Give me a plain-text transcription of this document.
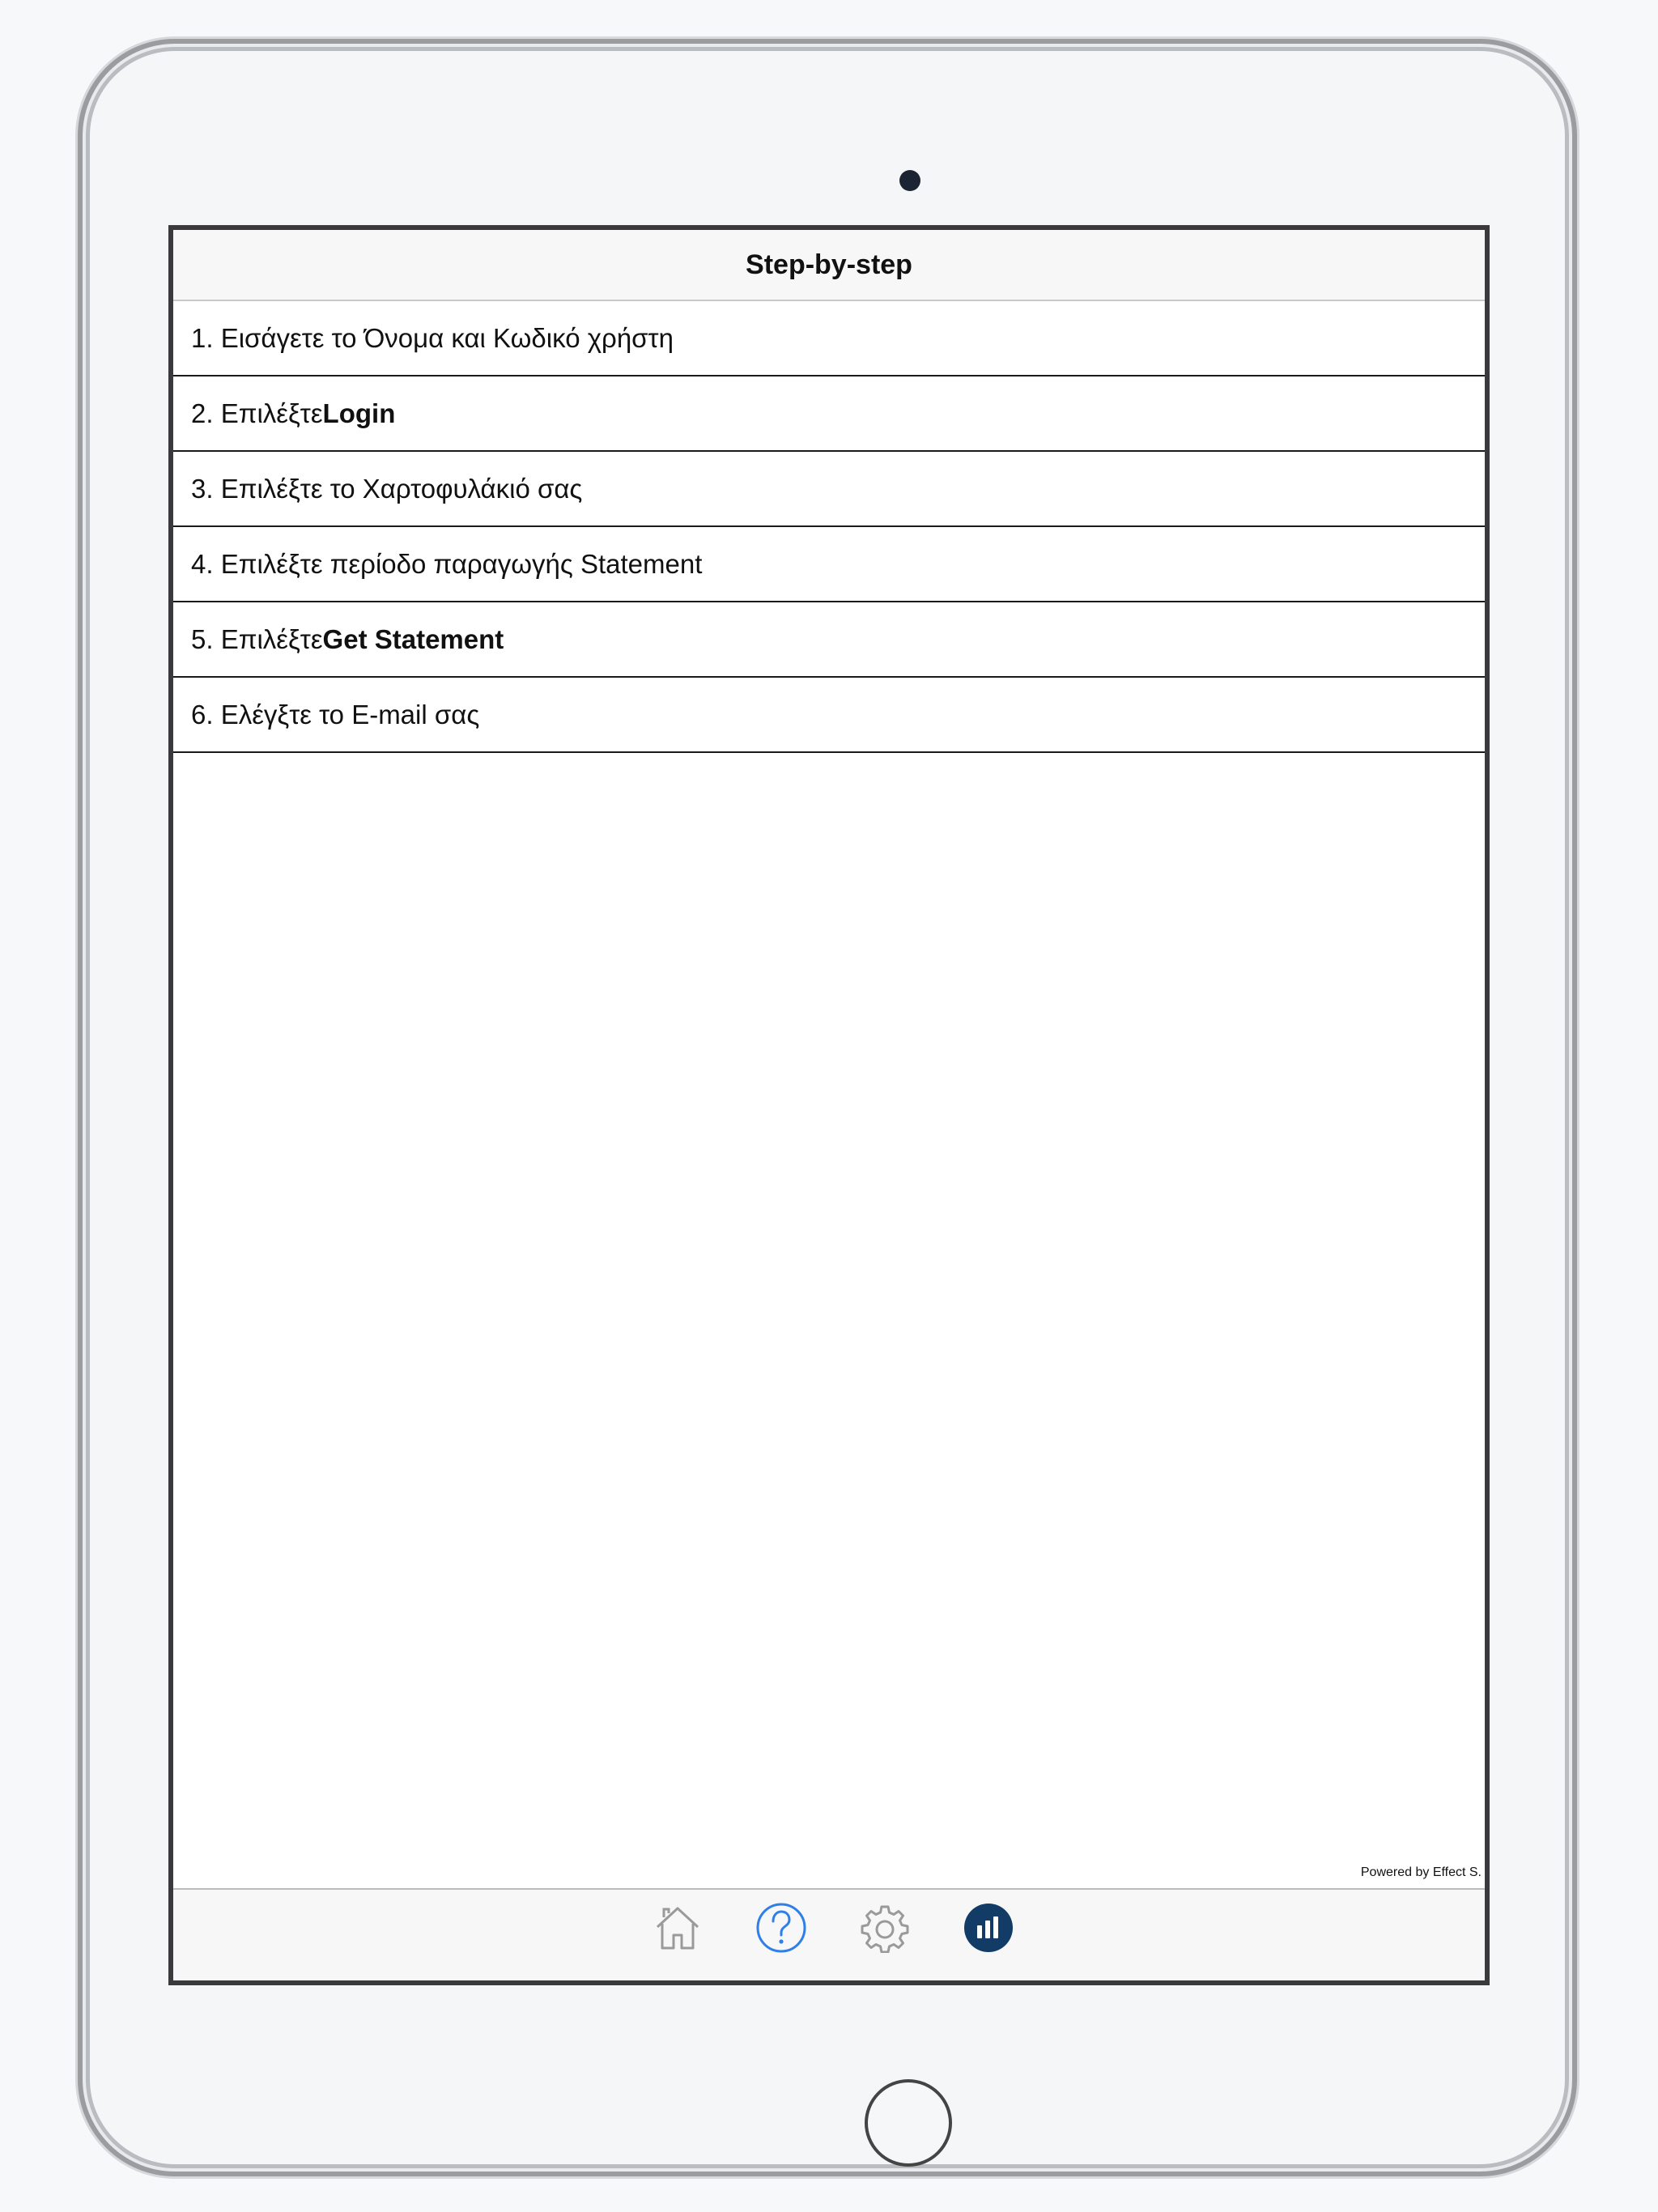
Step-by-step
1. Εισάγετε το Όνομα και Κωδικό χρήστη
2. Επιλέξτε Login
3. Επιλέξτε το Χαρτοφυλάκιό σας
4. Επιλέξτε περίοδο παραγωγής Statement
5. Επιλέξτε Get Statement
6. Ελέγξτε το E-mail σας
Powered by Effect S.
